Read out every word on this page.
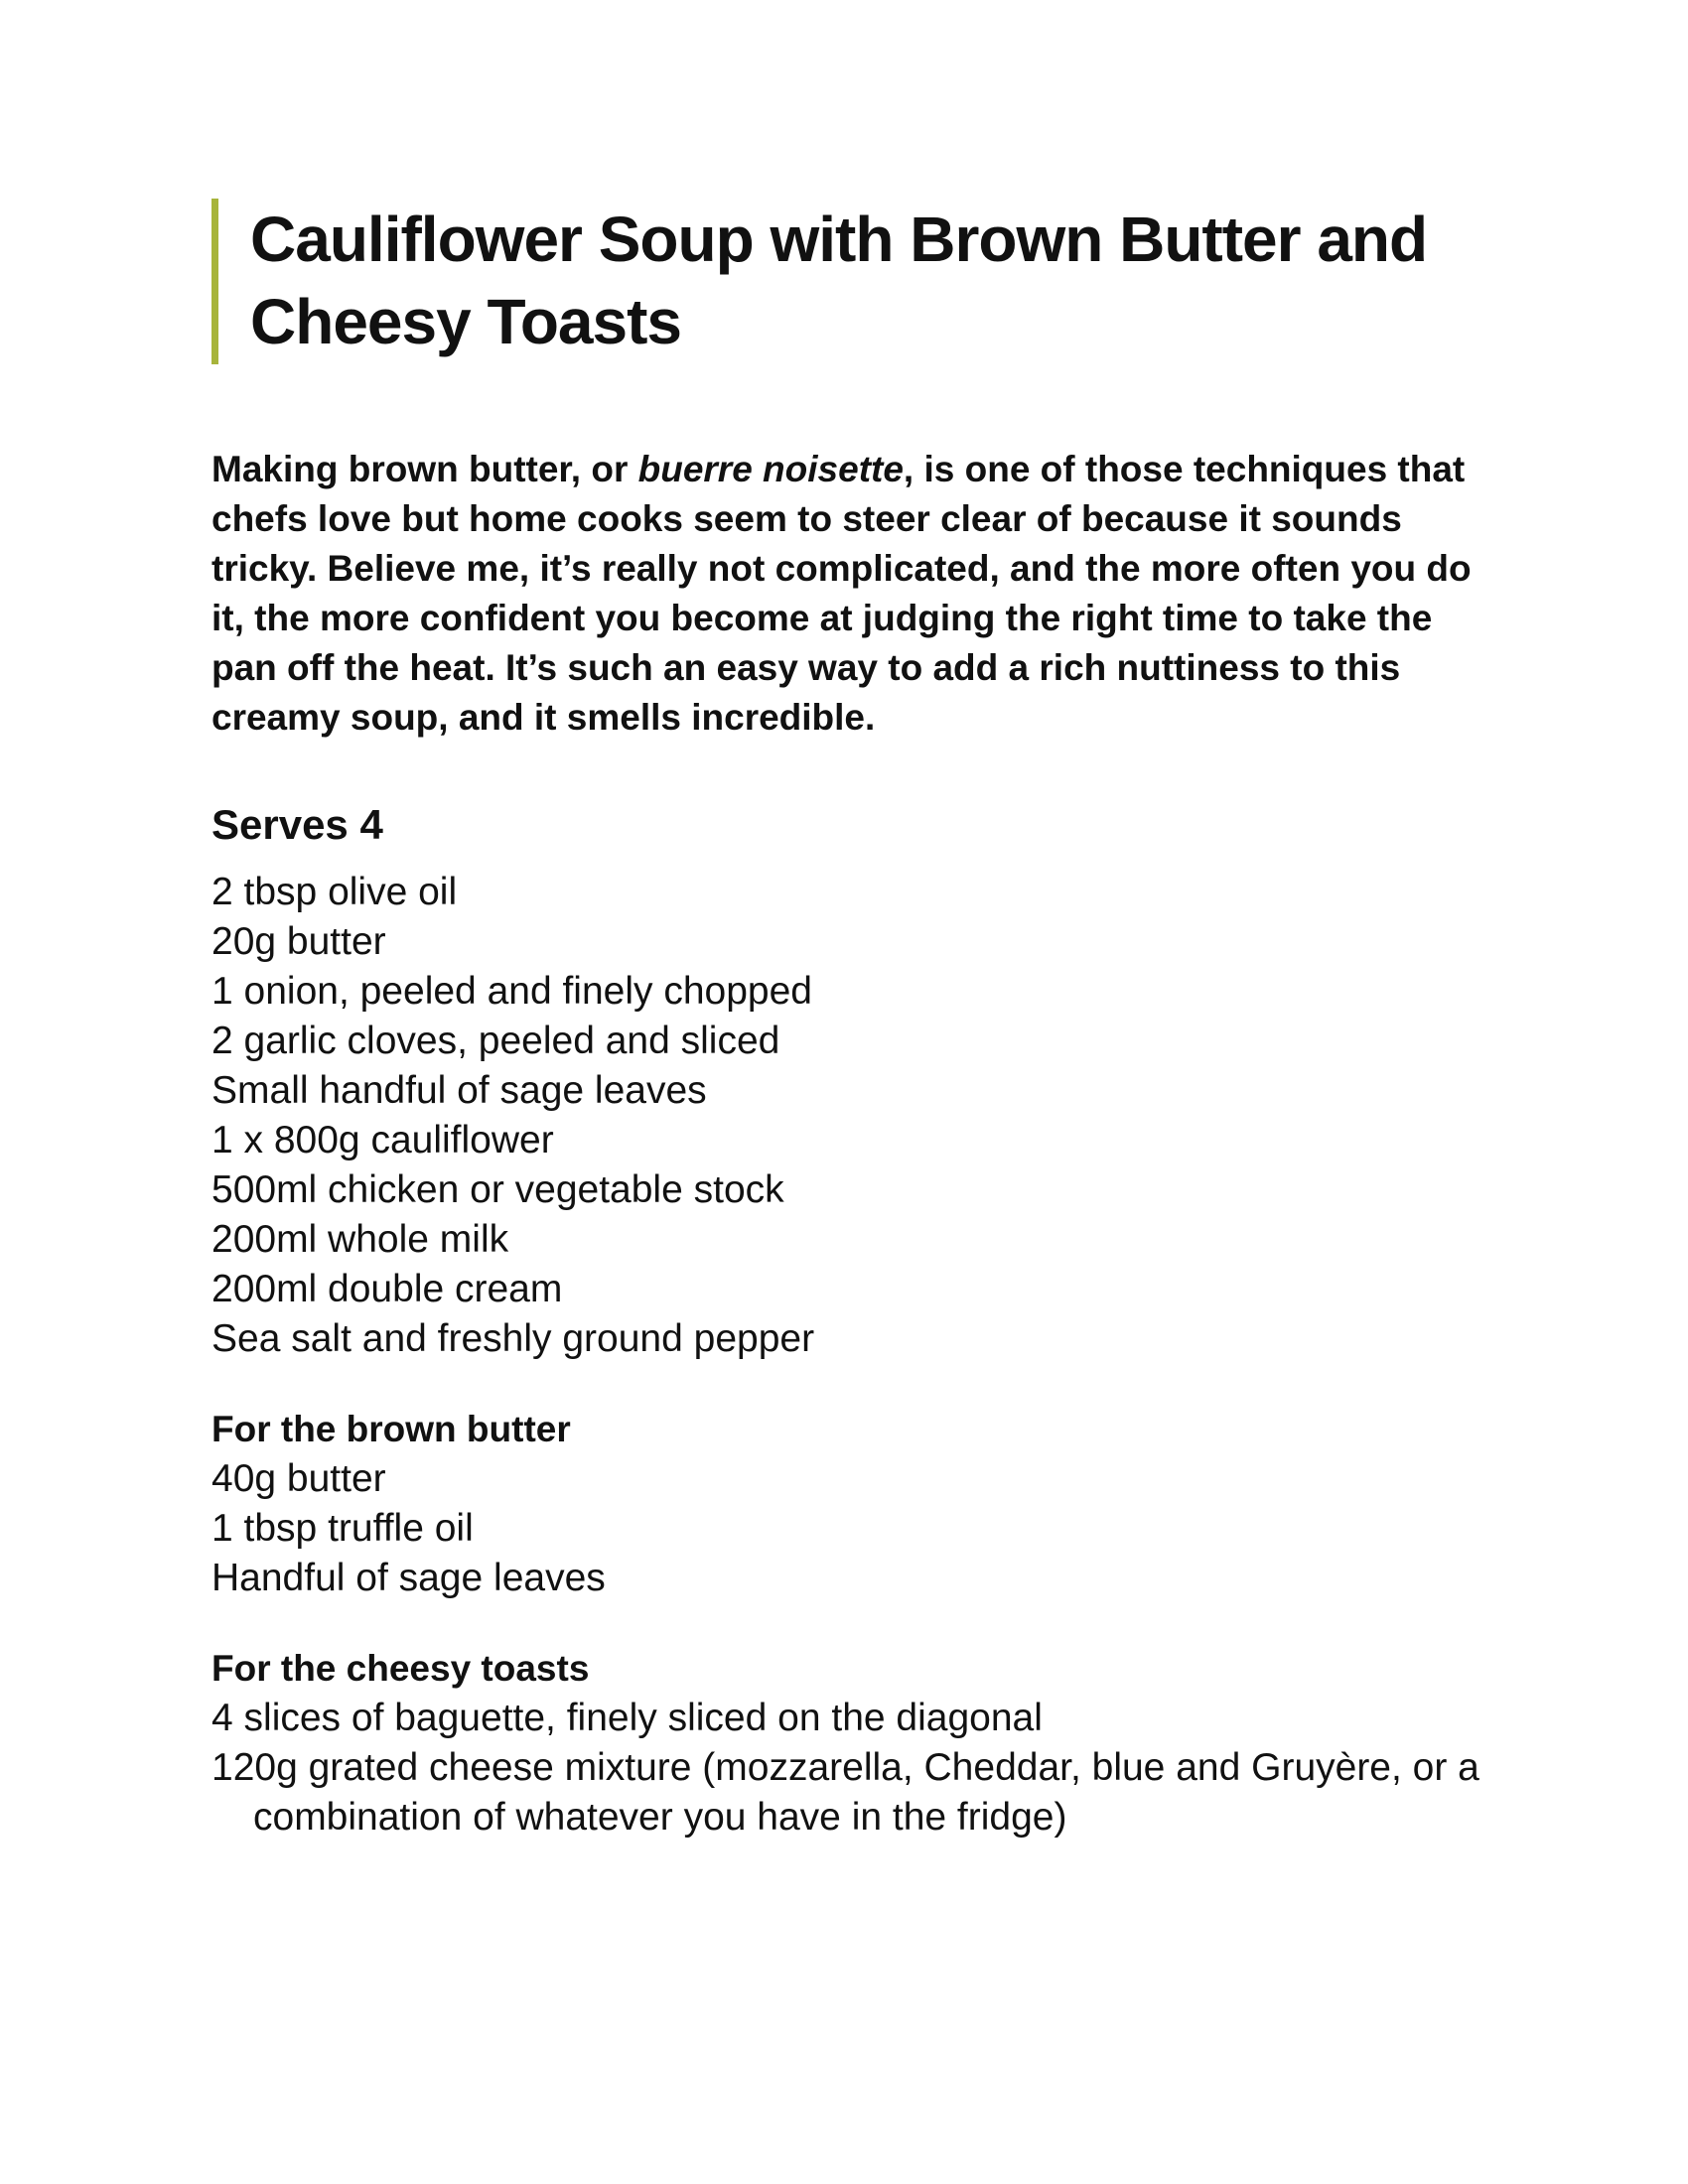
Cauliflower Soup with Brown Butter and Cheesy Toasts

Making brown butter, or buerre noisette, is one of those techniques that chefs love but home cooks seem to steer clear of because it sounds tricky. Believe me, it’s really not complicated, and the more often you do it, the more confident you become at judging the right time to take the pan off the heat. It’s such an easy way to add a rich nuttiness to this creamy soup, and it smells incredible.

Serves 4
2 tbsp olive oil
20g butter
1 onion, peeled and finely chopped
2 garlic cloves, peeled and sliced
Small handful of sage leaves
1 x 800g cauliflower
500ml chicken or vegetable stock
200ml whole milk
200ml double cream
Sea salt and freshly ground pepper
For the brown butter
40g butter
1 tbsp truffle oil
Handful of sage leaves
For the cheesy toasts
4 slices of baguette, finely sliced on the diagonal
120g grated cheese mixture (mozzarella, Cheddar, blue and Gruyère, or a combination of whatever you have in the fridge)
